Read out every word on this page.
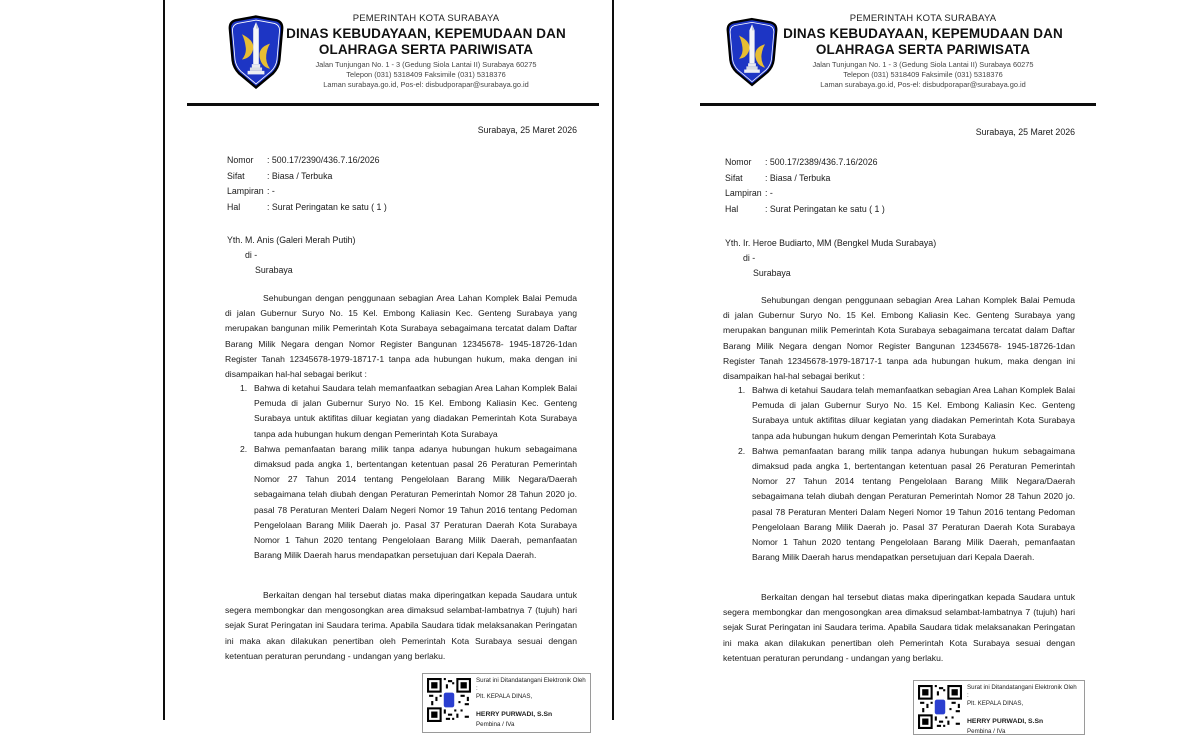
PEMERINTAH KOTA SURABAYA
DINAS KEBUDAYAAN, KEPEMUDAAN DAN
OLAHRAGA SERTA PARIWISATA
Jalan Tunjungan No. 1 - 3 (Gedung Siola Lantai II) Surabaya 60275
Telepon (031) 5318409 Faksimile (031) 5318376
Laman surabaya.go.id, Pos-el: disbudporapar@surabaya.go.id
Surabaya, 25 Maret 2026
Nomor	: 500.17/2390/436.7.16/2026
Sifat	: Biasa / Terbuka
Lampiran : -
Hal	: Surat Peringatan ke satu ( 1 )
Yth. M. Anis (Galeri Merah Putih)
di -
Surabaya
Sehubungan dengan penggunaan sebagian Area Lahan Komplek Balai Pemuda di jalan Gubernur Suryo No. 15 Kel. Embong Kaliasin Kec. Genteng Surabaya yang merupakan bangunan milik Pemerintah Kota Surabaya sebagaimana tercatat dalam Daftar Barang Milik Negara dengan Nomor Register Bangunan 12345678- 1945-18726-1dan Register Tanah 12345678-1979-18717-1 tanpa ada hubungan hukum, maka dengan ini disampaikan hal-hal sebagai berikut :
1. Bahwa di ketahui Saudara telah memanfaatkan sebagian Area Lahan Komplek Balai Pemuda di jalan Gubernur Suryo No. 15 Kel. Embong Kaliasin Kec. Genteng Surabaya untuk aktifitas diluar kegiatan yang diadakan Pemerintah Kota Surabaya tanpa ada hubungan hukum dengan Pemerintah Kota Surabaya
2. Bahwa pemanfaatan barang milik tanpa adanya hubungan hukum sebagaimana dimaksud pada angka 1, bertentangan ketentuan pasal 26 Peraturan Pemerintah Nomor 27 Tahun 2014 tentang Pengelolaan Barang Milik Negara/Daerah sebagaimana telah diubah dengan Peraturan Pemerintah Nomor 28 Tahun 2020 jo. pasal 78 Peraturan Menteri Dalam Negeri Nomor 19 Tahun 2016 tentang Pedoman Pengelolaan Barang Milik Daerah jo. Pasal 37 Peraturan Daerah Kota Surabaya Nomor 1 Tahun 2020 tentang Pengelolaan Barang Milik Daerah, pemanfaatan Barang Milik Daerah harus mendapatkan persetujuan dari Kepala Daerah.
Berkaitan dengan hal tersebut diatas maka diperingatkan kepada Saudara untuk segera membongkar dan mengosongkan area dimaksud selambat-lambatnya 7 (tujuh) hari sejak Surat Peringatan ini Saudara terima. Apabila Saudara tidak melaksanakan Peringatan ini maka akan dilakukan penertiban oleh Pemerintah Kota Surabaya sesuai dengan ketentuan peraturan perundang - undangan yang berlaku.
Surat ini Ditandatangani Elektronik Oleh :
Plt. KEPALA DINAS,
HERRY PURWADI, S.Sn
Pembina / IVa
PEMERINTAH KOTA SURABAYA
DINAS KEBUDAYAAN, KEPEMUDAAN DAN
OLAHRAGA SERTA PARIWISATA
Jalan Tunjungan No. 1 - 3 (Gedung Siola Lantai II) Surabaya 60275
Telepon (031) 5318409 Faksimile (031) 5318376
Laman surabaya.go.id, Pos-el: disbudporapar@surabaya.go.id
Surabaya, 25 Maret 2026
Nomor	: 500.17/2389/436.7.16/2026
Sifat	: Biasa / Terbuka
Lampiran : -
Hal	: Surat Peringatan ke satu ( 1 )
Yth. Ir. Heroe Budiarto, MM (Bengkel Muda Surabaya)
di -
Surabaya
Sehubungan dengan penggunaan sebagian Area Lahan Komplek Balai Pemuda di jalan Gubernur Suryo No. 15 Kel. Embong Kaliasin Kec. Genteng Surabaya yang merupakan bangunan milik Pemerintah Kota Surabaya sebagaimana tercatat dalam Daftar Barang Milik Negara dengan Nomor Register Bangunan 12345678- 1945-18726-1dan Register Tanah 12345678-1979-18717-1 tanpa ada hubungan hukum, maka dengan ini disampaikan hal-hal sebagai berikut :
1. Bahwa di ketahui Saudara telah memanfaatkan sebagian Area Lahan Komplek Balai Pemuda di jalan Gubernur Suryo No. 15 Kel. Embong Kaliasin Kec. Genteng Surabaya untuk aktifitas diluar kegiatan yang diadakan Pemerintah Kota Surabaya tanpa ada hubungan hukum dengan Pemerintah Kota Surabaya
2. Bahwa pemanfaatan barang milik tanpa adanya hubungan hukum sebagaimana dimaksud pada angka 1, bertentangan ketentuan pasal 26 Peraturan Pemerintah Nomor 27 Tahun 2014 tentang Pengelolaan Barang Milik Negara/Daerah sebagaimana telah diubah dengan Peraturan Pemerintah Nomor 28 Tahun 2020 jo. pasal 78 Peraturan Menteri Dalam Negeri Nomor 19 Tahun 2016 tentang Pedoman Pengelolaan Barang Milik Daerah jo. Pasal 37 Peraturan Daerah Kota Surabaya Nomor 1 Tahun 2020 tentang Pengelolaan Barang Milik Daerah, pemanfaatan Barang Milik Daerah harus mendapatkan persetujuan dari Kepala Daerah.
Berkaitan dengan hal tersebut diatas maka diperingatkan kepada Saudara untuk segera membongkar dan mengosongkan area dimaksud selambat-lambatnya 7 (tujuh) hari sejak Surat Peringatan ini Saudara terima. Apabila Saudara tidak melaksanakan Peringatan ini maka akan dilakukan penertiban oleh Pemerintah Kota Surabaya sesuai dengan ketentuan peraturan perundang - undangan yang berlaku.
Surat ini Ditandatangani Elektronik Oleh :
Plt. KEPALA DINAS,
HERRY PURWADI, S.Sn
Pembina / IVa
